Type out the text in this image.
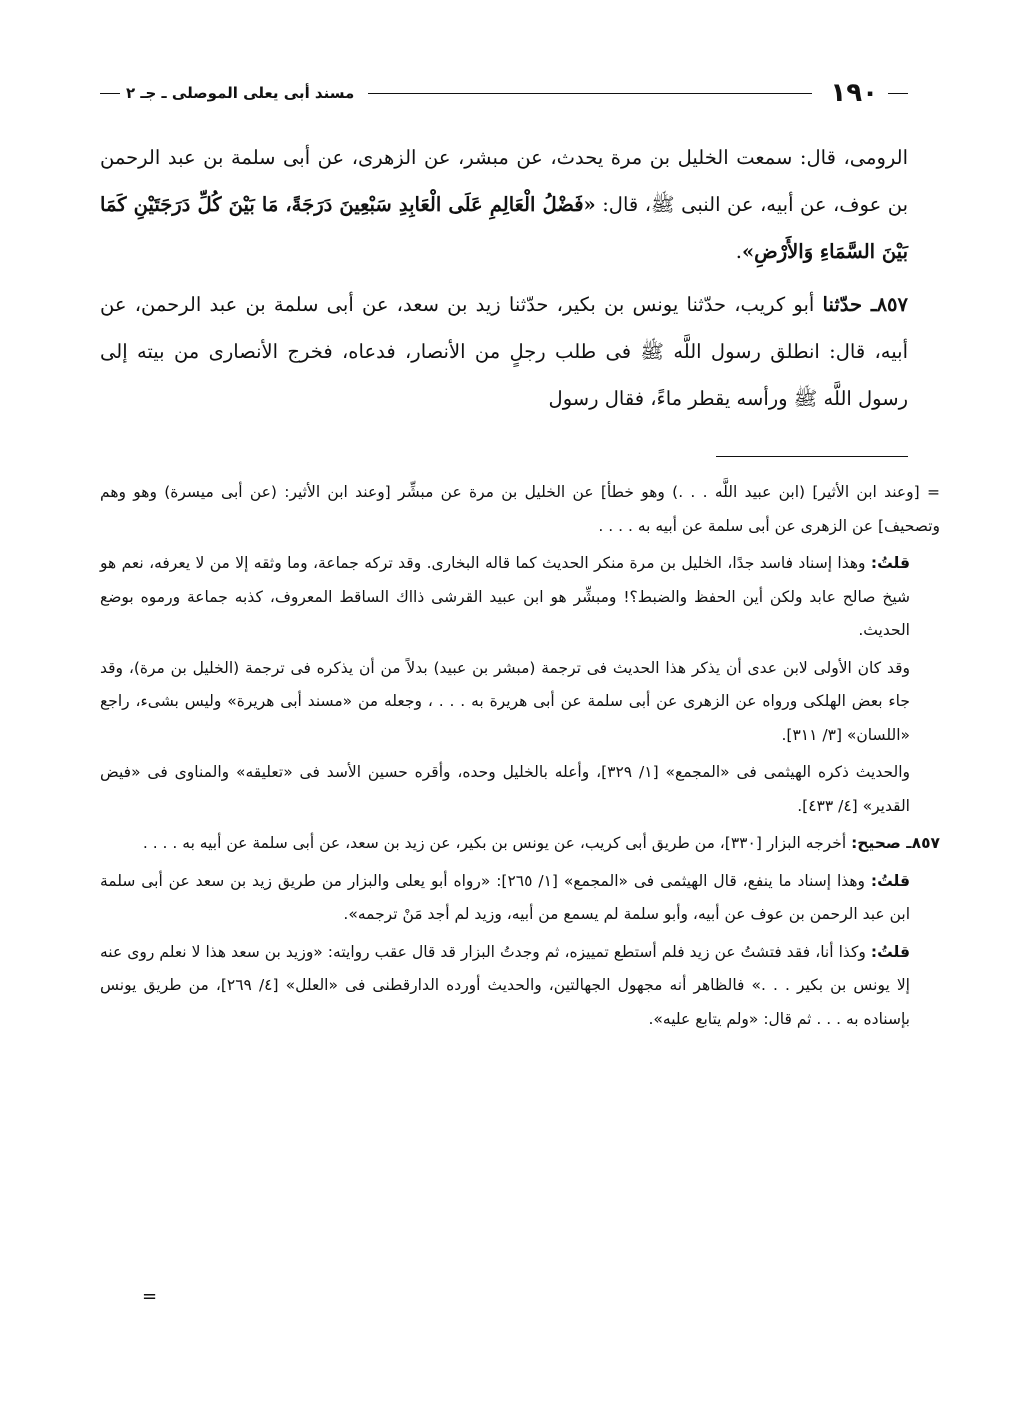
١٩٠
مسند أبى يعلى الموصلى ـ جـ ٢

الرومى، قال: سمعت الخليل بن مرة يحدث، عن مبشر، عن الزهرى، عن أبى سلمة بن عبد الرحمن بن عوف، عن أبيه، عن النبى ﷺ، قال: «فَضْلُ الْعَالِمِ عَلَى الْعَابِدِ سَبْعِينَ دَرَجَةً، مَا بَيْنَ كُلِّ دَرَجَتَيْنِ كَمَا بَيْنَ السَّمَاءِ وَالأَرْضِ».

٨٥٧ـ حدّثنا أبو كريب، حدّثنا يونس بن بكير، حدّثنا زيد بن سعد، عن أبى سلمة بن عبد الرحمن، عن أبيه، قال: انطلق رسول اللَّه ﷺ فى طلب رجلٍ من الأنصار، فدعاه، فخرج الأنصارى من بيته إلى رسول اللَّه ﷺ ورأسه يقطر ماءً، فقال رسول

= [وعند ابن الأثير] (ابن عبيد اللَّه . . .) وهو خطأ] عن الخليل بن مرة عن مبشِّر [وعند ابن الأثير: (عن أبى ميسرة) وهو وهم وتصحيف] عن الزهرى عن أبى سلمة عن أبيه به . . . .

قلتُ: وهذا إسناد فاسد جدًا، الخليل بن مرة منكر الحديث كما قاله البخارى. وقد تركه جماعة، وما وثقه إلا من لا يعرفه، نعم هو شيخ صالح عابد ولكن أين الحفظ والضبط؟! ومبشِّر هو ابن عبيد القرشى ذااك الساقط المعروف، كذبه جماعة ورموه بوضع الحديث.

وقد كان الأولى لابن عدى أن يذكر هذا الحديث فى ترجمة (مبشر بن عبيد) بدلاً من أن يذكره فى ترجمة (الخليل بن مرة)، وقد جاء بعض الهلكى ورواه عن الزهرى عن أبى سلمة عن أبى هريرة به . . . ، وجعله من «مسند أبى هريرة» وليس بشىء، راجع «اللسان» [٣/ ٣١١].

والحديث ذكره الهيثمى فى «المجمع» [١/ ٣٢٩]، وأعله بالخليل وحده، وأقره حسين الأسد فى «تعليقه» والمناوى فى «فيض القدير» [٤/ ٤٣٣].

٨٥٧ـ صحيح: أخرجه البزار [٣٣٠]، من طريق أبى كريب، عن يونس بن بكير، عن زيد بن سعد، عن أبى سلمة عن أبيه به . . . .

قلتُ: وهذا إسناد ما ينفع، قال الهيثمى فى «المجمع» [١/ ٢٦٥]: «رواه أبو يعلى والبزار من طريق زيد بن سعد عن أبى سلمة ابن عبد الرحمن بن عوف عن أبيه، وأبو سلمة لم يسمع من أبيه، وزيد لم أجد مَنْ ترجمه».

قلتُ: وكذا أنا، فقد فتشتُ عن زيد فلم أستطع تمييزه، ثم وجدتُ البزار قد قال عقب روايته: «وزيد بن سعد هذا لا نعلم روى عنه إلا يونس بن بكير . . .» فالظاهر أنه مجهول الجهالتين، والحديث أورده الدارقطنى فى «العلل» [٤/ ٢٦٩]، من طريق يونس بإسناده به . . . ثم قال: «ولم يتابع عليه».

=
